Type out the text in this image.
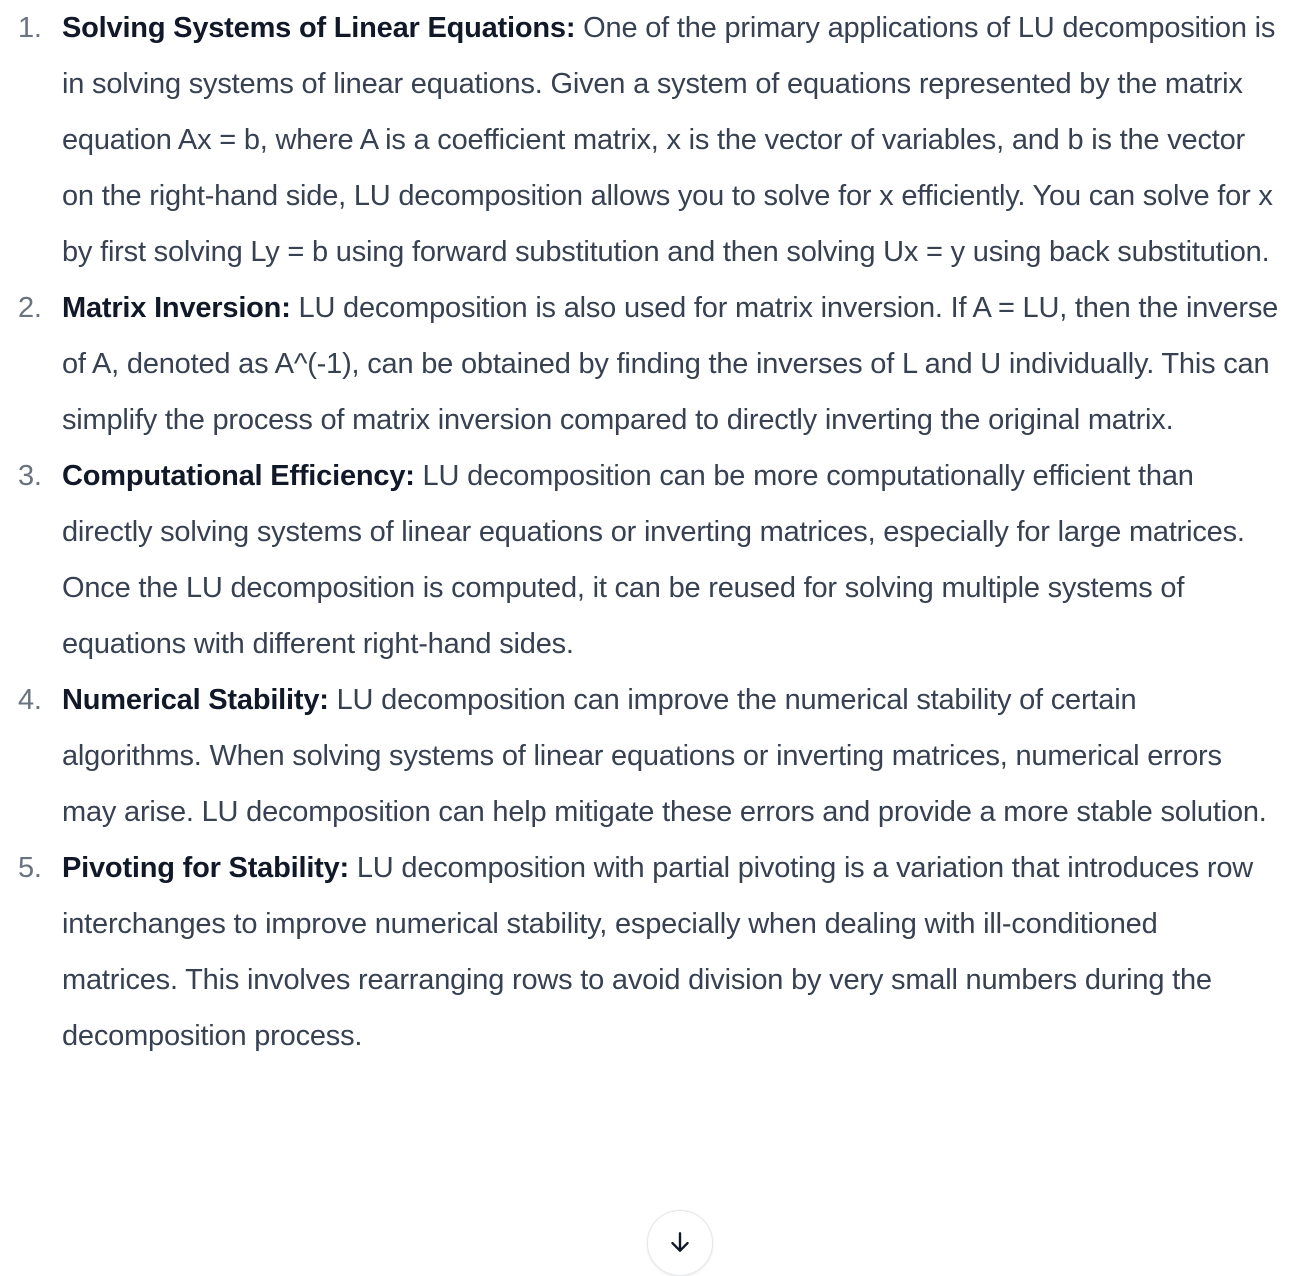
1. Solving Systems of Linear Equations: One of the primary applications of LU decomposition is in solving systems of linear equations. Given a system of equations represented by the matrix equation Ax = b, where A is a coefficient matrix, x is the vector of variables, and b is the vector on the right-hand side, LU decomposition allows you to solve for x efficiently. You can solve for x by first solving Ly = b using forward substitution and then solving Ux = y using back substitution.
2. Matrix Inversion: LU decomposition is also used for matrix inversion. If A = LU, then the inverse of A, denoted as A^(-1), can be obtained by finding the inverses of L and U individually. This can simplify the process of matrix inversion compared to directly inverting the original matrix.
3. Computational Efficiency: LU decomposition can be more computationally efficient than directly solving systems of linear equations or inverting matrices, especially for large matrices. Once the LU decomposition is computed, it can be reused for solving multiple systems of equations with different right-hand sides.
4. Numerical Stability: LU decomposition can improve the numerical stability of certain algorithms. When solving systems of linear equations or inverting matrices, numerical errors may arise. LU decomposition can help mitigate these errors and provide a more stable solution.
5. Pivoting for Stability: LU decomposition with partial pivoting is a variation that introduces row interchanges to improve numerical stability, especially when dealing with ill-conditioned matrices. This involves rearranging rows to avoid division by very small numbers during the decomposition process.
